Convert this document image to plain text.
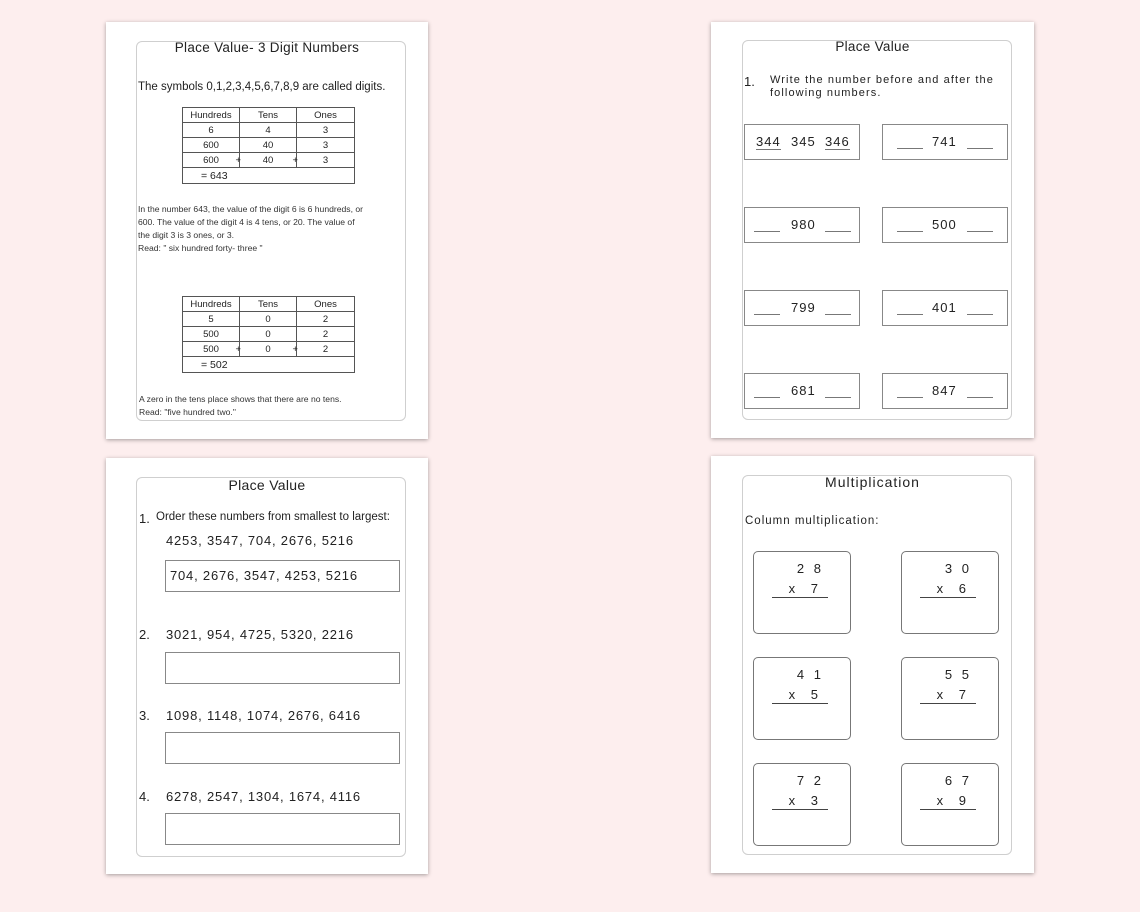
Place Value- 3 Digit Numbers
The symbols 0,1,2,3,4,5,6,7,8,9 are called digits.
Hundreds	Tens	Ones
6	4	3
600	40	3
600 +	40 +	3
= 643		
In the number 643, the value of the digit 6 is 6 hundreds, or
600. The value of the digit 4 is 4 tens, or 20. The value of
the digit 3 is 3 ones, or 3.
Read: " six hundred forty- three "
Hundreds	Tens	Ones
5	0	2
500	0	2
500 +	0 +	2
= 502		
A zero in the tens place shows that there are no tens.
Read: "five hundred two."
Place Value
1. Write the number before and after the
following numbers.
344 345 346	741
980	500
799	401
681	847
Place Value
1. Order these numbers from smallest to largest:
4253, 3547, 704, 2676, 5216
704, 2676, 3547, 4253, 5216
2. 3021, 954, 4725, 5320, 2216
3. 1098, 1148, 1074, 2676, 6416
4. 6278, 2547, 1304, 1674, 4116
Multiplication
Column multiplication:
2 8
x 7
3 0
x 6
4 1
x 5
5 5
x 7
7 2
x 3
6 7
x 9
